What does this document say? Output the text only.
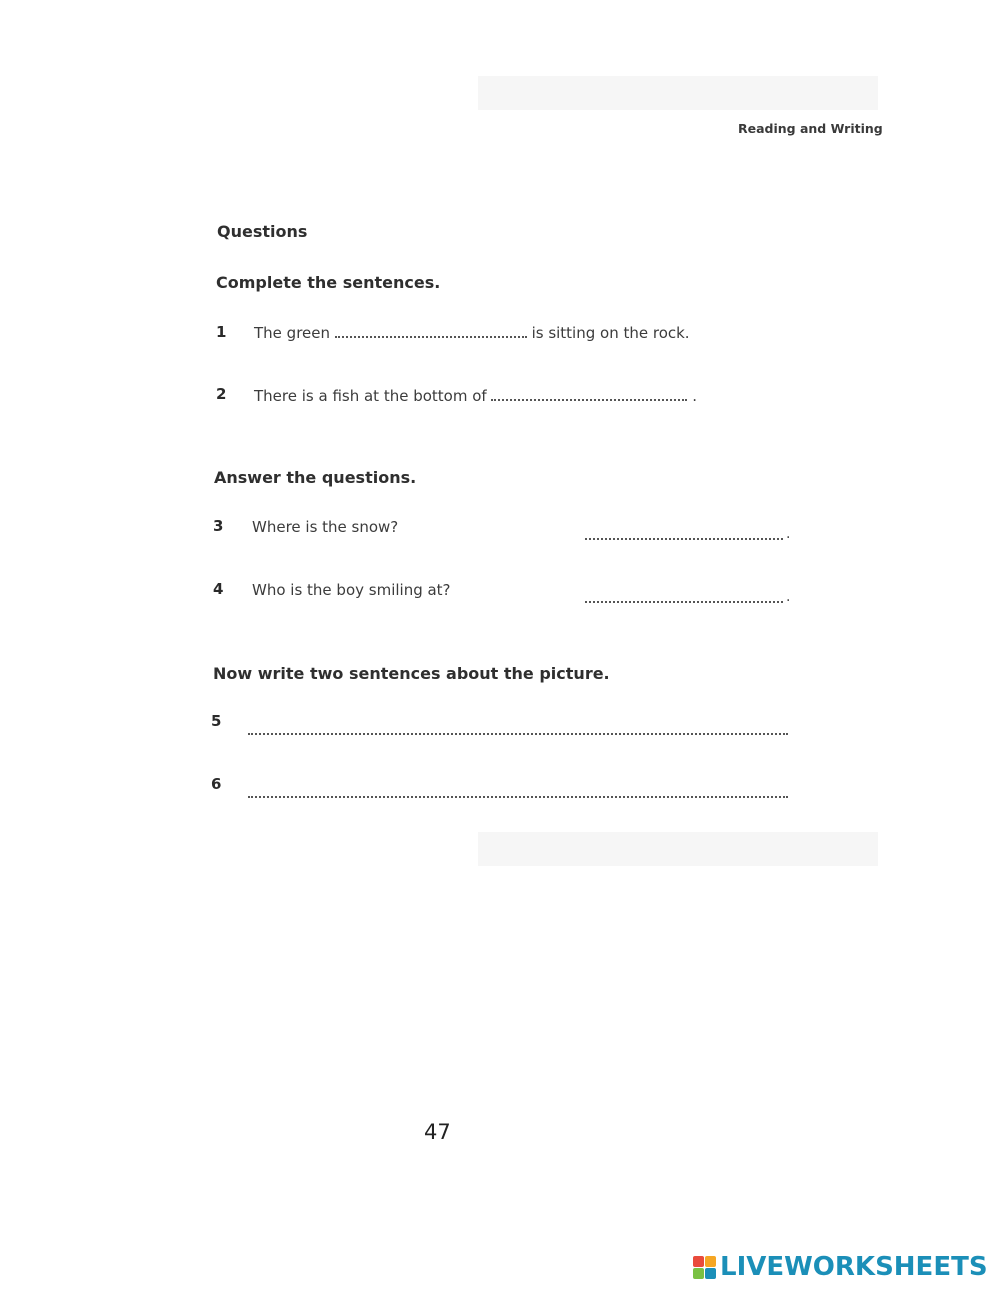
Reading and Writing
Questions
Complete the sentences.
1 The green	is sitting on the rock.
2 There is a fish at the bottom of	.
Answer the questions.
3 Where is the snow?	.
4 Who is the boy smiling at?	.
Now write two sentences about the picture.
5
6
47
LIVEWORKSHEETS
